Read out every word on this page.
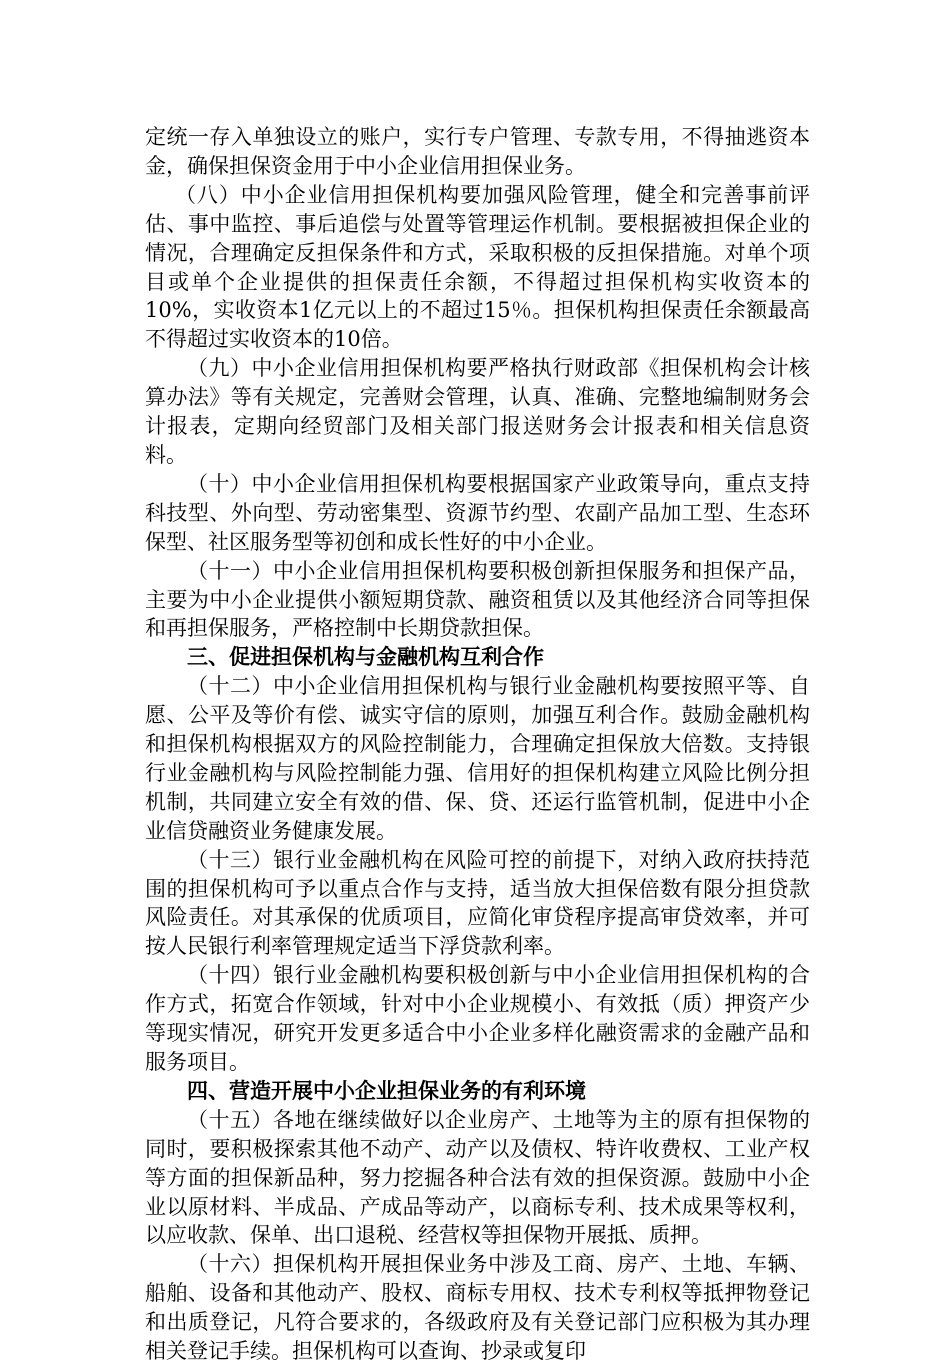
定统一存入单独设立的账户，实行专户管理、专款专用，不得抽逃资本金，确保担保资金用于中小企业信用担保业务。

（八）中小企业信用担保机构要加强风险管理，健全和完善事前评估、事中监控、事后追偿与处置等管理运作机制。要根据被担保企业的情况，合理确定反担保条件和方式，采取积极的反担保措施。对单个项目或单个企业提供的担保责任余额，不得超过担保机构实收资本的10%，实收资本1亿元以上的不超过15％。担保机构担保责任余额最高不得超过实收资本的10倍。

（九）中小企业信用担保机构要严格执行财政部《担保机构会计核算办法》等有关规定，完善财会管理，认真、准确、完整地编制财务会计报表，定期向经贸部门及相关部门报送财务会计报表和相关信息资料。

（十）中小企业信用担保机构要根据国家产业政策导向，重点支持科技型、外向型、劳动密集型、资源节约型、农副产品加工型、生态环保型、社区服务型等初创和成长性好的中小企业。

（十一）中小企业信用担保机构要积极创新担保服务和担保产品，主要为中小企业提供小额短期贷款、融资租赁以及其他经济合同等担保和再担保服务，严格控制中长期贷款担保。

三、促进担保机构与金融机构互利合作

（十二）中小企业信用担保机构与银行业金融机构要按照平等、自愿、公平及等价有偿、诚实守信的原则，加强互利合作。鼓励金融机构和担保机构根据双方的风险控制能力，合理确定担保放大倍数。支持银行业金融机构与风险控制能力强、信用好的担保机构建立风险比例分担机制，共同建立安全有效的借、保、贷、还运行监管机制，促进中小企业信贷融资业务健康发展。

（十三）银行业金融机构在风险可控的前提下，对纳入政府扶持范围的担保机构可予以重点合作与支持，适当放大担保倍数有限分担贷款风险责任。对其承保的优质项目，应简化审贷程序提高审贷效率，并可按人民银行利率管理规定适当下浮贷款利率。

（十四）银行业金融机构要积极创新与中小企业信用担保机构的合作方式，拓宽合作领域，针对中小企业规模小、有效抵（质）押资产少等现实情况，研究开发更多适合中小企业多样化融资需求的金融产品和服务项目。

四、营造开展中小企业担保业务的有利环境

（十五）各地在继续做好以企业房产、土地等为主的原有担保物的同时，要积极探索其他不动产、动产以及债权、特许收费权、工业产权等方面的担保新品种，努力挖掘各种合法有效的担保资源。鼓励中小企业以原材料、半成品、产成品等动产，以商标专利、技术成果等权利，以应收款、保单、出口退税、经营权等担保物开展抵、质押。

（十六）担保机构开展担保业务中涉及工商、房产、土地、车辆、船舶、设备和其他动产、股权、商标专用权、技术专利权等抵押物登记和出质登记，凡符合要求的，各级政府及有关登记部门应积极为其办理相关登记手续。担保机构可以查询、抄录或复印
